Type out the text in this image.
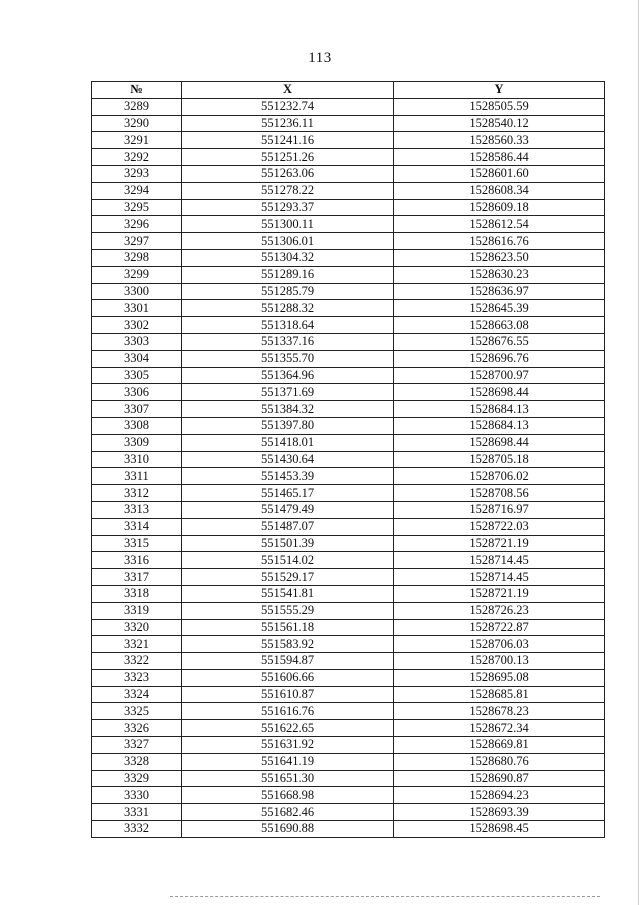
113
№	X	Y
3289	551232.74	1528505.59
3290	551236.11	1528540.12
3291	551241.16	1528560.33
3292	551251.26	1528586.44
3293	551263.06	1528601.60
3294	551278.22	1528608.34
3295	551293.37	1528609.18
3296	551300.11	1528612.54
3297	551306.01	1528616.76
3298	551304.32	1528623.50
3299	551289.16	1528630.23
3300	551285.79	1528636.97
3301	551288.32	1528645.39
3302	551318.64	1528663.08
3303	551337.16	1528676.55
3304	551355.70	1528696.76
3305	551364.96	1528700.97
3306	551371.69	1528698.44
3307	551384.32	1528684.13
3308	551397.80	1528684.13
3309	551418.01	1528698.44
3310	551430.64	1528705.18
3311	551453.39	1528706.02
3312	551465.17	1528708.56
3313	551479.49	1528716.97
3314	551487.07	1528722.03
3315	551501.39	1528721.19
3316	551514.02	1528714.45
3317	551529.17	1528714.45
3318	551541.81	1528721.19
3319	551555.29	1528726.23
3320	551561.18	1528722.87
3321	551583.92	1528706.03
3322	551594.87	1528700.13
3323	551606.66	1528695.08
3324	551610.87	1528685.81
3325	551616.76	1528678.23
3326	551622.65	1528672.34
3327	551631.92	1528669.81
3328	551641.19	1528680.76
3329	551651.30	1528690.87
3330	551668.98	1528694.23
3331	551682.46	1528693.39
3332	551690.88	1528698.45
